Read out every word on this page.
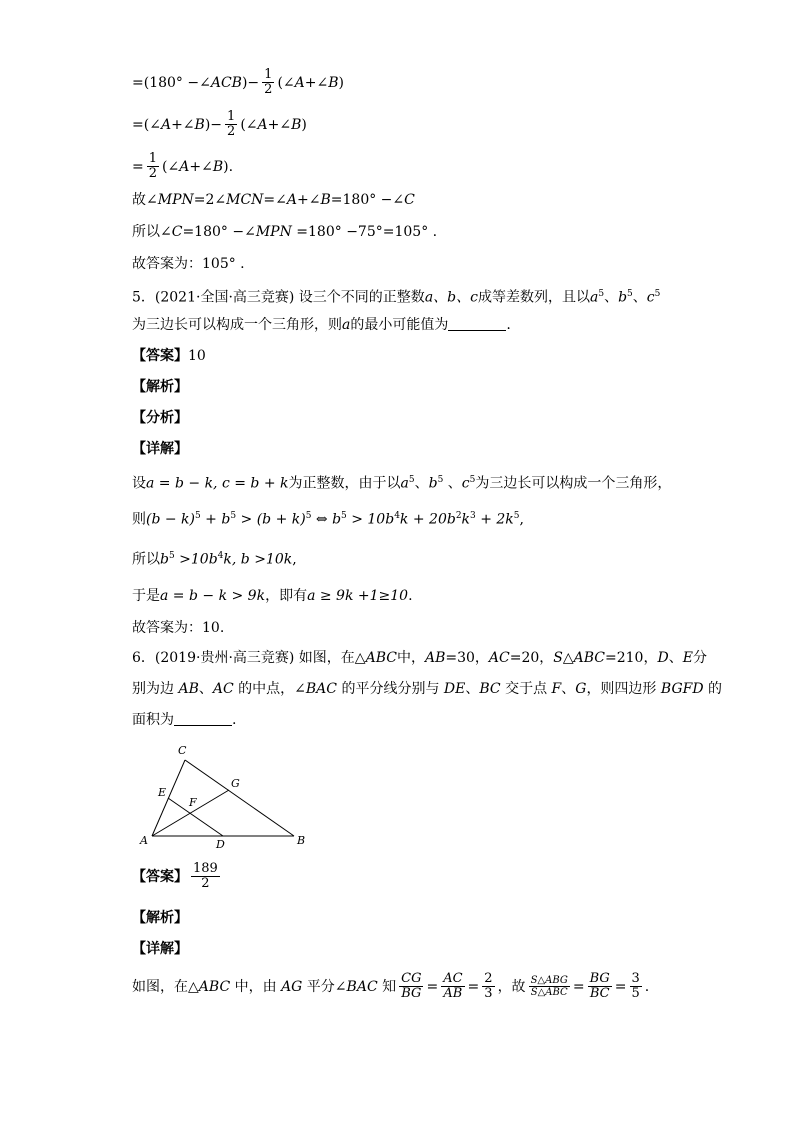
=(180° −∠ACB)− $\frac{1}{2}$ (∠A+∠B)
=(∠A+∠B)− $\frac{1}{2}$ (∠A+∠B)
= $\frac{1}{2}$ (∠A+∠B).
故∠MPN=2∠MCN=∠A+∠B=180° −∠C
所以∠C=180° −∠MPN =180° −75°=105° .
故答案为：105° .
5．(2021·全国·高三竞赛) 设三个不同的正整数a、b、c成等差数列，且以$a^5$、$b^5$、$c^5$
为三边长可以构成一个三角形，则a的最小可能值为	.
【答案】10
【解析】
【分析】
【详解】
设a = b − k, c = b + k为正整数，由于以$a^5$、$b^5$ 、$c^5$为三边长可以构成一个三角形，
则$(b - k)^5 + b^5 > (b + k)^5$ ⇔ $b^5 > 10b^4k + 20b^2k^3 + 2k^5$,
所以$b^5 >10b^4k$, b >10k,
于是a = b − k > 9k，即有a ≥ 9k +1≥10.
故答案为：10.
6．(2019·贵州·高三竞赛) 如图，在△ABC中，AB=30，AC=20，S△ABC=210，D、E分
别为边 AB、AC 的中点，∠BAC 的平分线分别与 DE、BC 交于点 F、G，则四边形 BGFD 的
面积为	.
C
E
G
F
A	D	B
【答案】 $\frac{189}{2}$
【解析】
【详解】
如图，在△ABC 中，由 AG 平分∠BAC 知 $\frac{CG}{BG} = \frac{AC}{AB} = \frac{2}{3}$ ，故 $\frac{\text{S△ABG}}{\text{S△ABC}} = \frac{BG}{BC} = \frac{3}{5}$ .
